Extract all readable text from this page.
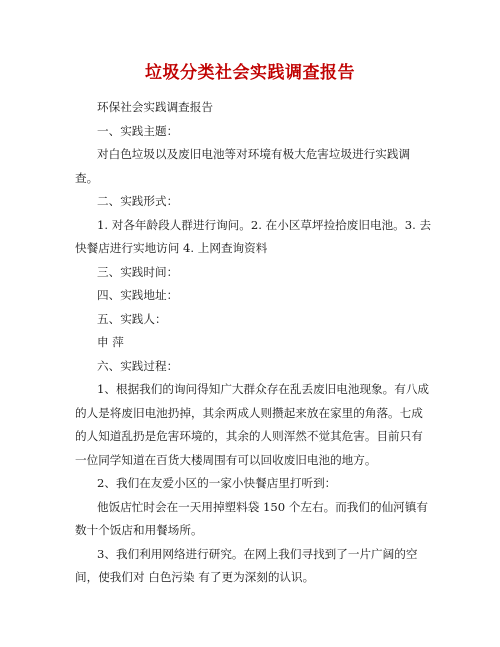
垃圾分类社会实践调查报告

环保社会实践调查报告

一、实践主题：

对白色垃圾以及废旧电池等对环境有极大危害垃圾进行实践调查。

二、实践形式：

1. 对各年龄段人群进行询问。2. 在小区草坪捡拾废旧电池。3. 去快餐店进行实地访问 4. 上网查询资料

三、实践时间：

四、实践地址：

五、实践人：

申 萍

六、实践过程：

1、根据我们的询问得知广大群众存在乱丢废旧电池现象。有八成的人是将废旧电池扔掉，其余两成人则攒起来放在家里的角落。七成的人知道乱扔是危害环境的，其余的人则浑然不觉其危害。目前只有一位同学知道在百货大楼周围有可以回收废旧电池的地方。

2、我们在友爱小区的一家小快餐店里打听到：

他饭店忙时会在一天用掉塑料袋 150 个左右。而我们的仙河镇有数十个饭店和用餐场所。

3、我们利用网络进行研究。在网上我们寻找到了一片广阔的空间，使我们对 白色污染 有了更为深刻的认识。
